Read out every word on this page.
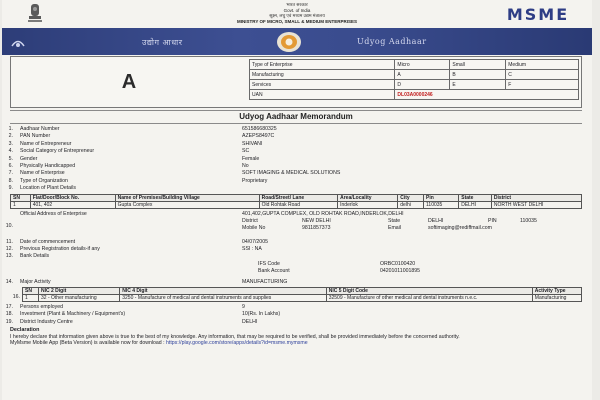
भारत सरकार
Govt. of India
सूक्ष्म, लघु एवं मध्यम उद्यम मंत्रालय
MINISTRY OF MICRO, SMALL & MEDIUM ENTERPRISES	MSME
उद्योग आधार	Udyog Aadhaar
A
Type of Enterprise	Micro	Small	Medium
Manufacturing	A	B	C
Services	D	E	F
UAN	DL03A0000246		
Udyog Aadhaar Memorandum
1. Aadhaar Number	651586680325
2. PAN Number	AZEPS8497C
3. Name of Entrepreneur	SHIVANI
4. Social Category of Entrepreneur	SC
5. Gender	Female
6. Physically Handicapped	No
7. Name of Enterprise	SOFT IMAGING & MEDICAL SOLUTIONS
8. Type of Organization	Proprietary
9. Location of Plant Details
SN	Flat/Door/Block No.	Name of Premises/Building Village	Road/Street/ Lane	Area/Locality	City	Pin	State	District
1	401, 402	Gupta Complex	Old Rohtak Road	Inderlok	delhi	110035	DELHI	NORTH WEST DELHI
Official Address of Enterprise
10.
401,402,GUPTA COMPLEX, OLD ROHTAK ROAD,INDERLOK,DELHI
District	NEW DELHI	State	DELHI	PIN	110035
Mobile No	9811857373	Email	softimaging@rediffmail.com
11. Date of commencement	04/07/2005
12. Previous Registration details-if any	SSI : NA
13. Bank Details
IFS Code	ORBC0100420
Bank Account	04201011001895
14. Major Activity	MANUFACTURING
16.
SN	NIC 2 Digit	NIC 4 Digit	NIC 5 Digit Code	Activity Type
1	32 - Other manufacturing	3250 - Manufacture of medical and dental instruments and supplies	32509 - Manufacture of other medical and dental instruments n.e.c.	Manufacturing
17. Persons employed	9
18. Investment (Plant & Machinery / Equipment's)	10(Rs. In Lakhs)
19. District Industry Centre	DELHI
Declaration
I hereby declare that information given above is true to the best of my knowledge. Any information, that may be required to be verified, shall be provided immediately before the concerned authority.
MyMsme Mobile App (Beta Version) is available now for download : https://play.google.com/store/apps/details?id=msme.mymsme
